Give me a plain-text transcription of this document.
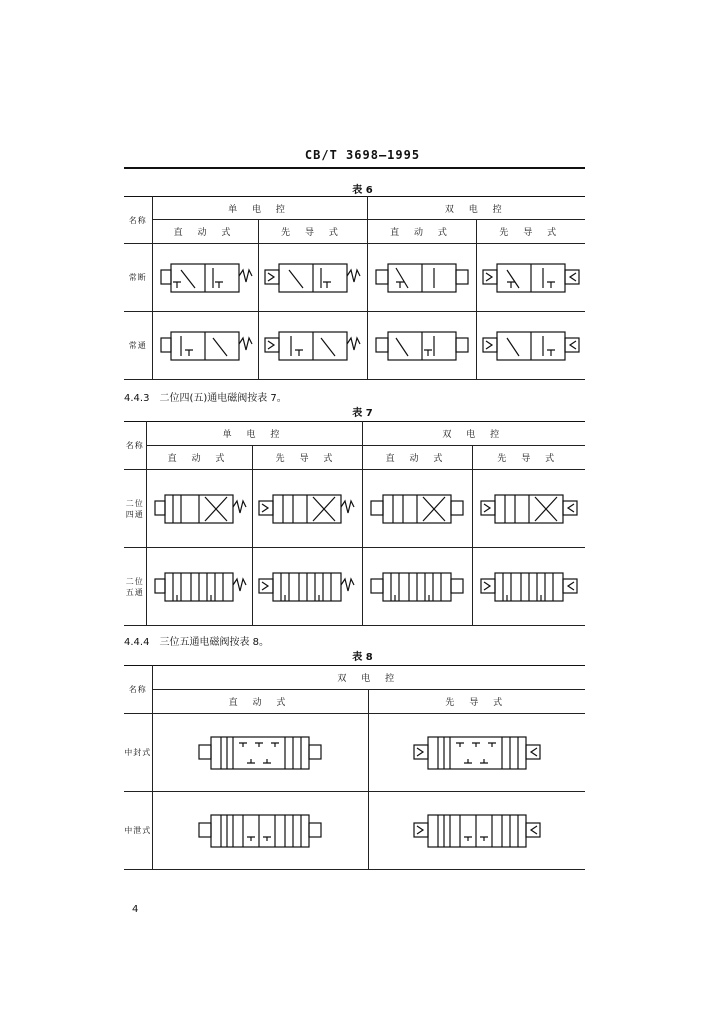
CB/T 3698—1995
表 6
名称	单 电 控		双 电 控	
	直 动 式	先 导 式	直 动 式	先 导 式
常断	

常通	

4.4.3　二位四(五)通电磁阀按表 7。
表 7
名称	单 电 控		双 电 控	
	直 动 式	先 导 式	直 动 式	先 导 式
二位
四通	

二位
五通	

4.4.4　三位五通电磁阀按表 8。
表 8
名称	双 电 控	
	直 动 式	先 导 式
中封式	

中泄式	

4
